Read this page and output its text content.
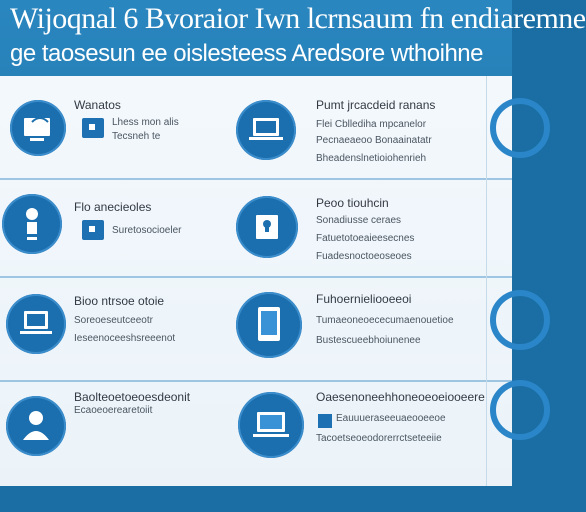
Wijoqnal 6 Bvoraior Iwn lcrnsaum fn endiaremne
ge taosesun ee oislesteess Aredsore wthoihne
Wanatos
Lhess mon alis
Tecsneh te
Pumt jrcacdeid ranans
Flei Cbllediha mpcanelor
Pecnaeaeoo Bonaainatatr
Bheadenslnetioiohenrieh
Flo anecieoles
Suretosocioeler
Peoo tiouhcin
Sonadiusse ceraes
Fatuetotoeaieesecnes
Fuadesnoctoeoseoes
Bioo ntrsoe otoie
Soreoeseutceeotr
Ieseenoceeshsreeenot
Fuhoernieliooeeoi
Tumaeoneoececumaenouetioe
Bustescueebhoiunenee
Baolteoetoeoesdeonit
Ecaoeoerearetoiit
Oaesenoneehhoneoeoeiooeere
Eauuueraseeuaeooeeoe
Tacoetseoeodorerrctseteeiie
